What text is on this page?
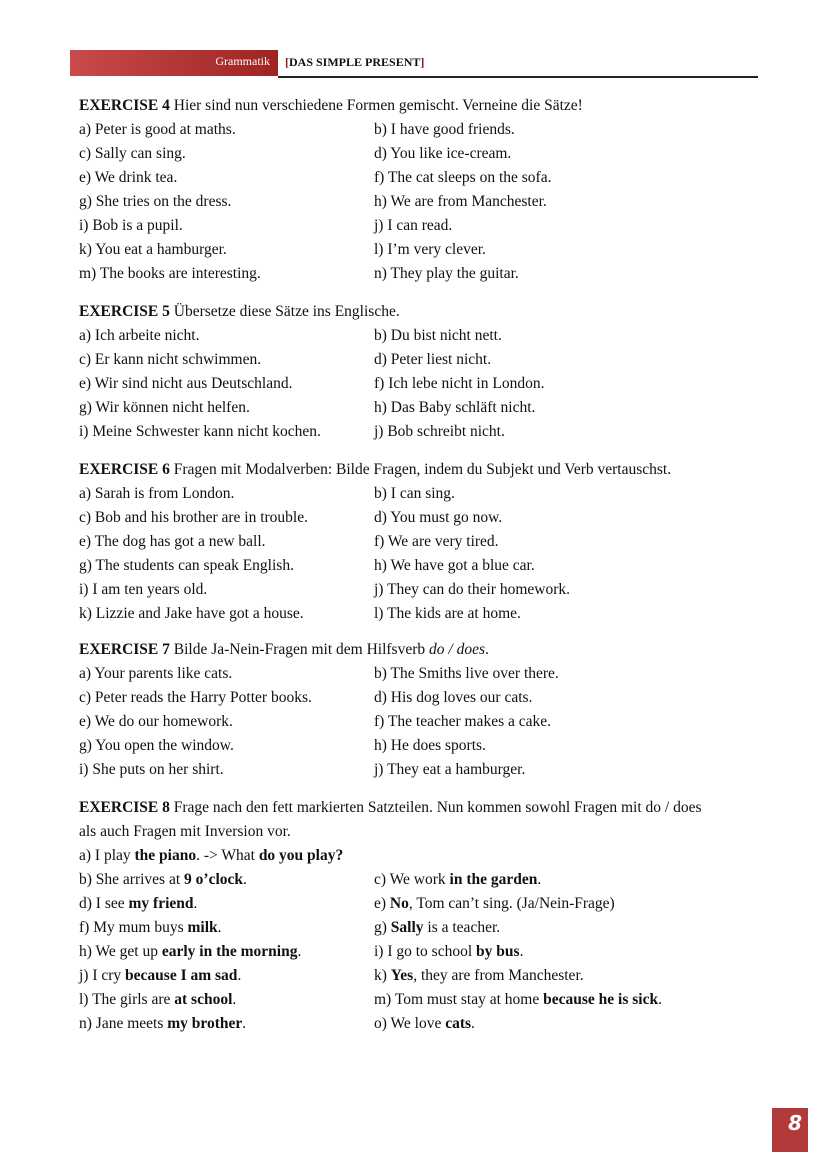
Grammatik [DAS SIMPLE PRESENT]
EXERCISE 4 Hier sind nun verschiedene Formen gemischt. Verneine die Sätze!
a) Peter is good at maths.	b) I have good friends.
c) Sally can sing.	d) You like ice-cream.
e) We drink tea.	f) The cat sleeps on the sofa.
g) She tries on the dress.	h) We are from Manchester.
i) Bob is a pupil.	j) I can read.
k) You eat a hamburger.	l) I’m very clever.
m) The books are interesting.	n) They play the guitar.
EXERCISE 5 Übersetze diese Sätze ins Englische.
a) Ich arbeite nicht.	b) Du bist nicht nett.
c) Er kann nicht schwimmen.	d) Peter liest nicht.
e) Wir sind nicht aus Deutschland.	f) Ich lebe nicht in London.
g) Wir können nicht helfen.	h) Das Baby schläft nicht.
i) Meine Schwester kann nicht kochen.	j) Bob schreibt nicht.
EXERCISE 6 Fragen mit Modalverben: Bilde Fragen, indem du Subjekt und Verb vertauschst.
a) Sarah is from London.	b) I can sing.
c) Bob and his brother are in trouble.	d) You must go now.
e) The dog has got a new ball.	f) We are very tired.
g) The students can speak English.	h) We have got a blue car.
i) I am ten years old.	j) They can do their homework.
k) Lizzie and Jake have got a house.	l) The kids are at home.
EXERCISE 7 Bilde Ja-Nein-Fragen mit dem Hilfsverb do / does.
a) Your parents like cats.	b) The Smiths live over there.
c) Peter reads the Harry Potter books.	d) His dog loves our cats.
e) We do our homework.	f) The teacher makes a cake.
g) You open the window.	h) He does sports.
i) She puts on her shirt.	j) They eat a hamburger.
EXERCISE 8 Frage nach den fett markierten Satzteilen. Nun kommen sowohl Fragen mit do / does
als auch Fragen mit Inversion vor.
a) I play the piano. -> What do you play?
b) She arrives at 9 o’clock.	c) We work in the garden.
d) I see my friend.	e) No, Tom can’t sing. (Ja/Nein-Frage)
f) My mum buys milk.	g) Sally is a teacher.
h) We get up early in the morning.	i) I go to school by bus.
j) I cry because I am sad.	k) Yes, they are from Manchester.
l) The girls are at school.	m) Tom must stay at home because he is sick.
n) Jane meets my brother.	o) We love cats.
8
